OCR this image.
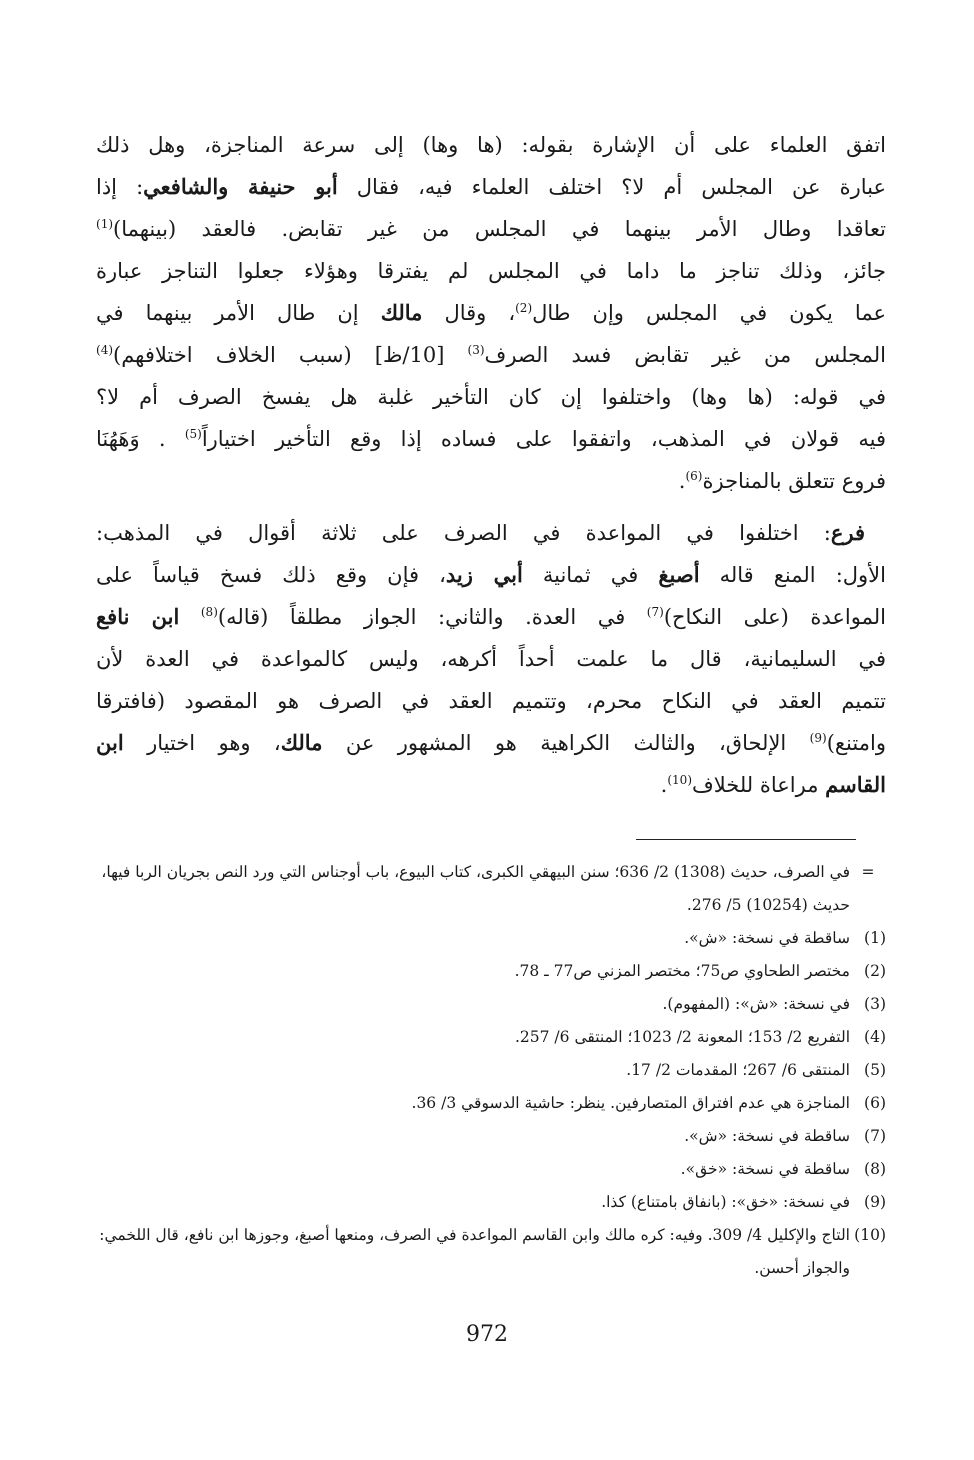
اتفق العلماء على أن الإشارة بقوله: (ها وها) إلى سرعة المناجزة، وهل ذلك
عبارة عن المجلس أم لا؟ اختلف العلماء فيه، فقال أبو حنيفة والشافعي: إذا
تعاقدا وطال الأمر بينهما في المجلس من غير تقابض. فالعقد (بينهما)$^{(1)}$
جائز، وذلك تناجز ما داما في المجلس لم يفترقا وهؤلاء جعلوا التناجز عبارة
عما يكون في المجلس وإن طال$^{(2)}$، وقال مالك إن طال الأمر بينهما في
المجلس من غير تقابض فسد الصرف$^{(3)}$ [10/ظ] (سبب الخلاف اختلافهم)$^{(4)}$
في قوله: (ها وها) واختلفوا إن كان التأخير غلبة هل يفسخ الصرف أم لا؟
فيه قولان في المذهب، واتفقوا على فساده إذا وقع التأخير اختياراً$^{(5)}$ . وَهَهُنَا
فروع تتعلق بالمناجزة$^{(6)}$.
 فرع: اختلفوا في المواعدة في الصرف على ثلاثة أقوال في المذهب:
الأول: المنع قاله أصبغ في ثمانية أبي زيد، فإن وقع ذلك فسخ قياساً على
المواعدة (على النكاح)$^{(7)}$ في العدة. والثاني: الجواز مطلقاً (قاله)$^{(8)}$ ابن نافع
في السليمانية، قال ما علمت أحداً أكرهه، وليس كالمواعدة في العدة لأن
تتميم العقد في النكاح محرم، وتتميم العقد في الصرف هو المقصود (فافترقا
وامتنع)$^{(9)}$ الإلحاق، والثالث الكراهية هو المشهور عن مالك، وهو اختيار ابن
القاسم مراعاة للخلاف$^{(10)}$.
=
في الصرف، حديث (1308) 2/ 636؛ سنن البيهقي الكبرى، كتاب البيوع، باب أوجناس التي ورد النص بجريان الربا فيها، حديث (10254) 5/ 276.
(1)
ساقطة في نسخة: «ش».
(2)
مختصر الطحاوي ص75؛ مختصر المزني ص77 ـ 78.
(3)
في نسخة: «ش»: (المفهوم).
(4)
التفريع 2/ 153؛ المعونة 2/ 1023؛ المنتقى 6/ 257.
(5)
المنتقى 6/ 267؛ المقدمات 2/ 17.
(6)
المناجزة هي عدم افتراق المتصارفين. ينظر: حاشية الدسوقي 3/ 36.
(7)
ساقطة في نسخة: «ش».
(8)
ساقطة في نسخة: «خق».
(9)
في نسخة: «خق»: (بانفاق بامتناع) كذا.
(10)
التاج والإكليل 4/ 309. وفيه: كره مالك وابن القاسم المواعدة في الصرف، ومنعها أصبغ، وجوزها ابن نافع، قال اللخمي: والجواز أحسن.
972
